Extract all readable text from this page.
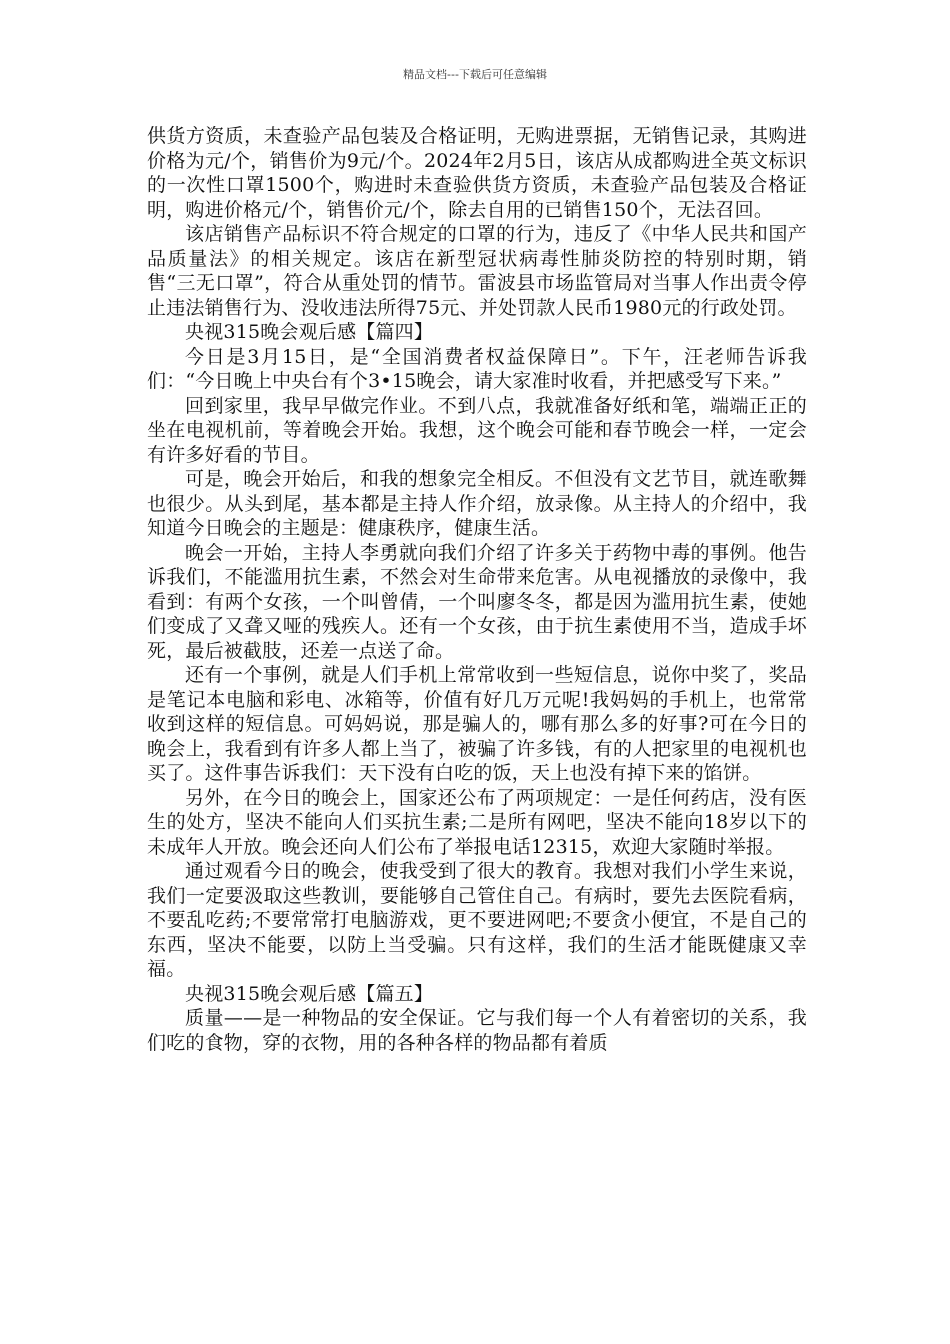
精品文档---下载后可任意编辑

供货方资质，未查验产品包装及合格证明，无购进票据，无销售记录，其购进价格为元/个，销售价为9元/个。2024年2月5日，该店从成都购进全英文标识的一次性口罩1500个，购进时未查验供货方资质，未查验产品包装及合格证明，购进价格元/个，销售价元/个，除去自用的已销售150个，无法召回。

该店销售产品标识不符合规定的口罩的行为，违反了《中华人民共和国产品质量法》的相关规定。该店在新型冠状病毒性肺炎防控的特别时期，销售“三无口罩”，符合从重处罚的情节。雷波县市场监管局对当事人作出责令停止违法销售行为、没收违法所得75元、并处罚款人民币1980元的行政处罚。

央视315晚会观后感【篇四】

今日是3月15日，是“全国消费者权益保障日”。下午，汪老师告诉我们：“今日晚上中央台有个3•15晚会，请大家准时收看，并把感受写下来。”

回到家里，我早早做完作业。不到八点，我就准备好纸和笔，端端正正的坐在电视机前，等着晚会开始。我想，这个晚会可能和春节晚会一样，一定会有许多好看的节目。

可是，晚会开始后，和我的想象完全相反。不但没有文艺节目，就连歌舞也很少。从头到尾，基本都是主持人作介绍，放录像。从主持人的介绍中，我知道今日晚会的主题是：健康秩序，健康生活。

晚会一开始，主持人李勇就向我们介绍了许多关于药物中毒的事例。他告诉我们，不能滥用抗生素，不然会对生命带来危害。从电视播放的录像中，我看到：有两个女孩，一个叫曾倩，一个叫廖冬冬，都是因为滥用抗生素，使她们变成了又聋又哑的残疾人。还有一个女孩，由于抗生素使用不当，造成手坏死，最后被截肢，还差一点送了命。

还有一个事例，就是人们手机上常常收到一些短信息，说你中奖了，奖品是笔记本电脑和彩电、冰箱等，价值有好几万元呢!我妈妈的手机上，也常常收到这样的短信息。可妈妈说，那是骗人的，哪有那么多的好事?可在今日的晚会上，我看到有许多人都上当了，被骗了许多钱，有的人把家里的电视机也买了。这件事告诉我们：天下没有白吃的饭，天上也没有掉下来的馅饼。

另外，在今日的晚会上，国家还公布了两项规定：一是任何药店，没有医生的处方，坚决不能向人们买抗生素;二是所有网吧，坚决不能向18岁以下的未成年人开放。晚会还向人们公布了举报电话12315，欢迎大家随时举报。

通过观看今日的晚会，使我受到了很大的教育。我想对我们小学生来说，我们一定要汲取这些教训，要能够自己管住自己。有病时，要先去医院看病，不要乱吃药;不要常常打电脑游戏，更不要进网吧;不要贪小便宜，不是自己的东西，坚决不能要，以防上当受骗。只有这样，我们的生活才能既健康又幸福。

央视315晚会观后感【篇五】

质量——是一种物品的安全保证。它与我们每一个人有着密切的关系，我们吃的食物，穿的衣物，用的各种各样的物品都有着质
